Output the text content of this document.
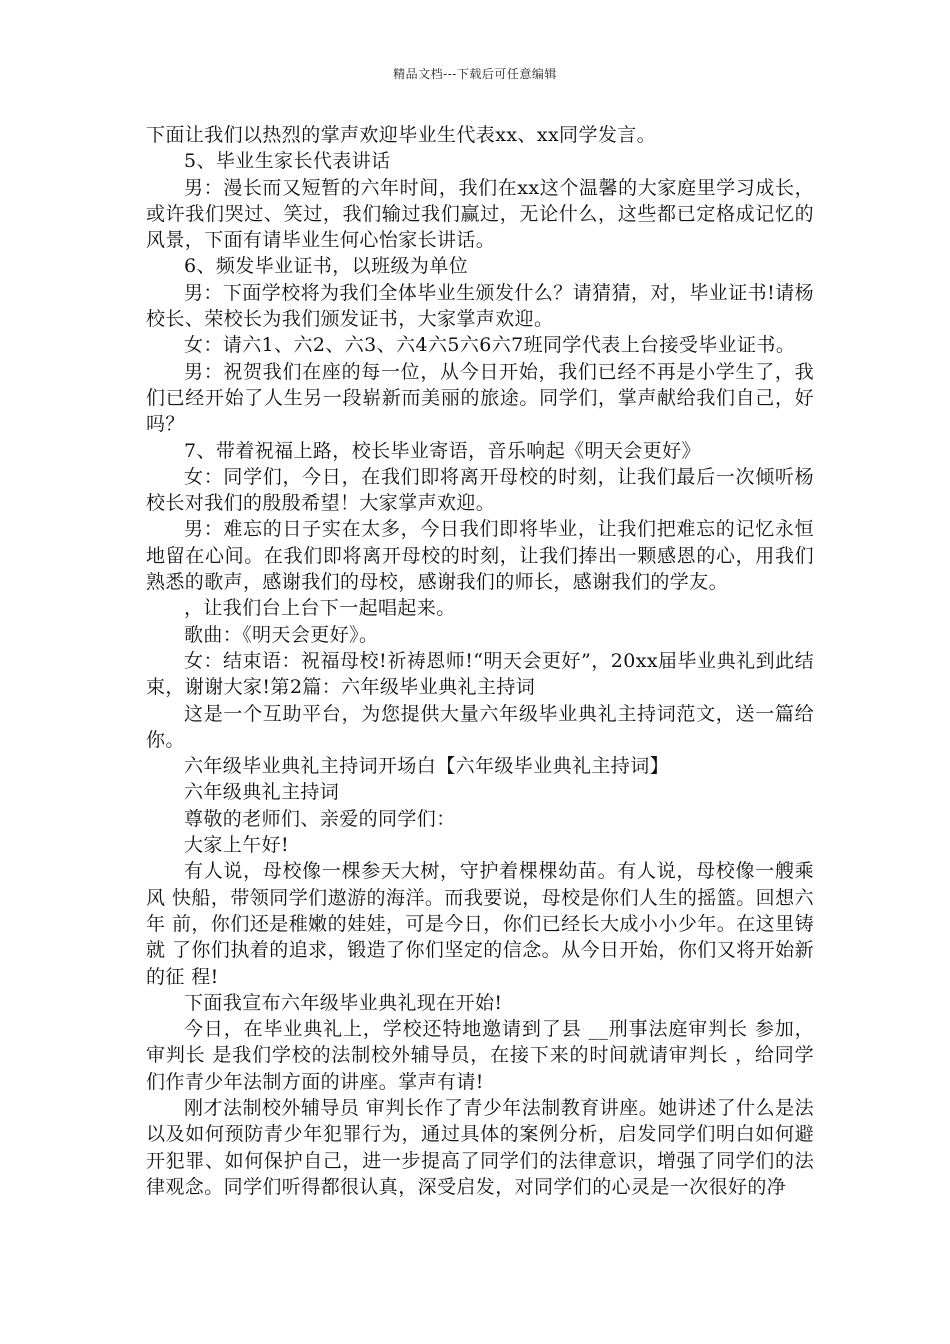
精品文档---下载后可任意编辑

下面让我们以热烈的掌声欢迎毕业生代表xx、xx同学发言。

5、毕业生家长代表讲话

男：漫长而又短暂的六年时间，我们在xx这个温馨的大家庭里学习成长，或许我们哭过、笑过，我们输过我们赢过，无论什么，这些都已定格成记忆的风景，下面有请毕业生何心怡家长讲话。

6、频发毕业证书，以班级为单位

男：下面学校将为我们全体毕业生颁发什么？请猜猜，对，毕业证书!请杨校长、荣校长为我们颁发证书，大家掌声欢迎。

女：请六1、六2、六3、六4六5六6六7班同学代表上台接受毕业证书。

男：祝贺我们在座的每一位，从今日开始，我们已经不再是小学生了，我们已经开始了人生另一段崭新而美丽的旅途。同学们，掌声献给我们自己，好吗？

7、带着祝福上路，校长毕业寄语，音乐响起《明天会更好》

女：同学们，今日，在我们即将离开母校的时刻，让我们最后一次倾听杨校长对我们的殷殷希望！大家掌声欢迎。

男：难忘的日子实在太多，今日我们即将毕业，让我们把难忘的记忆永恒地留在心间。在我们即将离开母校的时刻，让我们捧出一颗感恩的心，用我们熟悉的歌声，感谢我们的母校，感谢我们的师长，感谢我们的学友。

，让我们台上台下一起唱起来。

歌曲：《明天会更好》。

女：结束语：祝福母校!祈祷恩师!“明天会更好”，20xx届毕业典礼到此结束，谢谢大家!第2篇：六年级毕业典礼主持词

这是一个互助平台，为您提供大量六年级毕业典礼主持词范文，送一篇给你。

六年级毕业典礼主持词开场白【六年级毕业典礼主持词】

六年级典礼主持词

尊敬的老师们、亲爱的同学们：

大家上午好!

有人说，母校像一棵参天大树，守护着棵棵幼苗。有人说，母校像一艘乘风 快船，带领同学们遨游的海洋。而我要说，母校是你们人生的摇篮。回想六年 前，你们还是稚嫩的娃娃，可是今日，你们已经长大成小小少年。在这里铸就 了你们执着的追求，锻造了你们坚定的信念。从今日开始，你们又将开始新的征 程!

下面我宣布六年级毕业典礼现在开始!

今日，在毕业典礼上，学校还特地邀请到了县 __刑事法庭审判长 参加，审判长 是我们学校的法制校外辅导员，在接下来的时间就请审判长 ，给同学们作青少年法制方面的讲座。掌声有请!

刚才法制校外辅导员 审判长作了青少年法制教育讲座。她讲述了什么是法以及如何预防青少年犯罪行为，通过具体的案例分析，启发同学们明白如何避开犯罪、如何保护自己，进一步提高了同学们的法律意识，增强了同学们的法律观念。同学们听得都很认真，深受启发，对同学们的心灵是一次很好的净
